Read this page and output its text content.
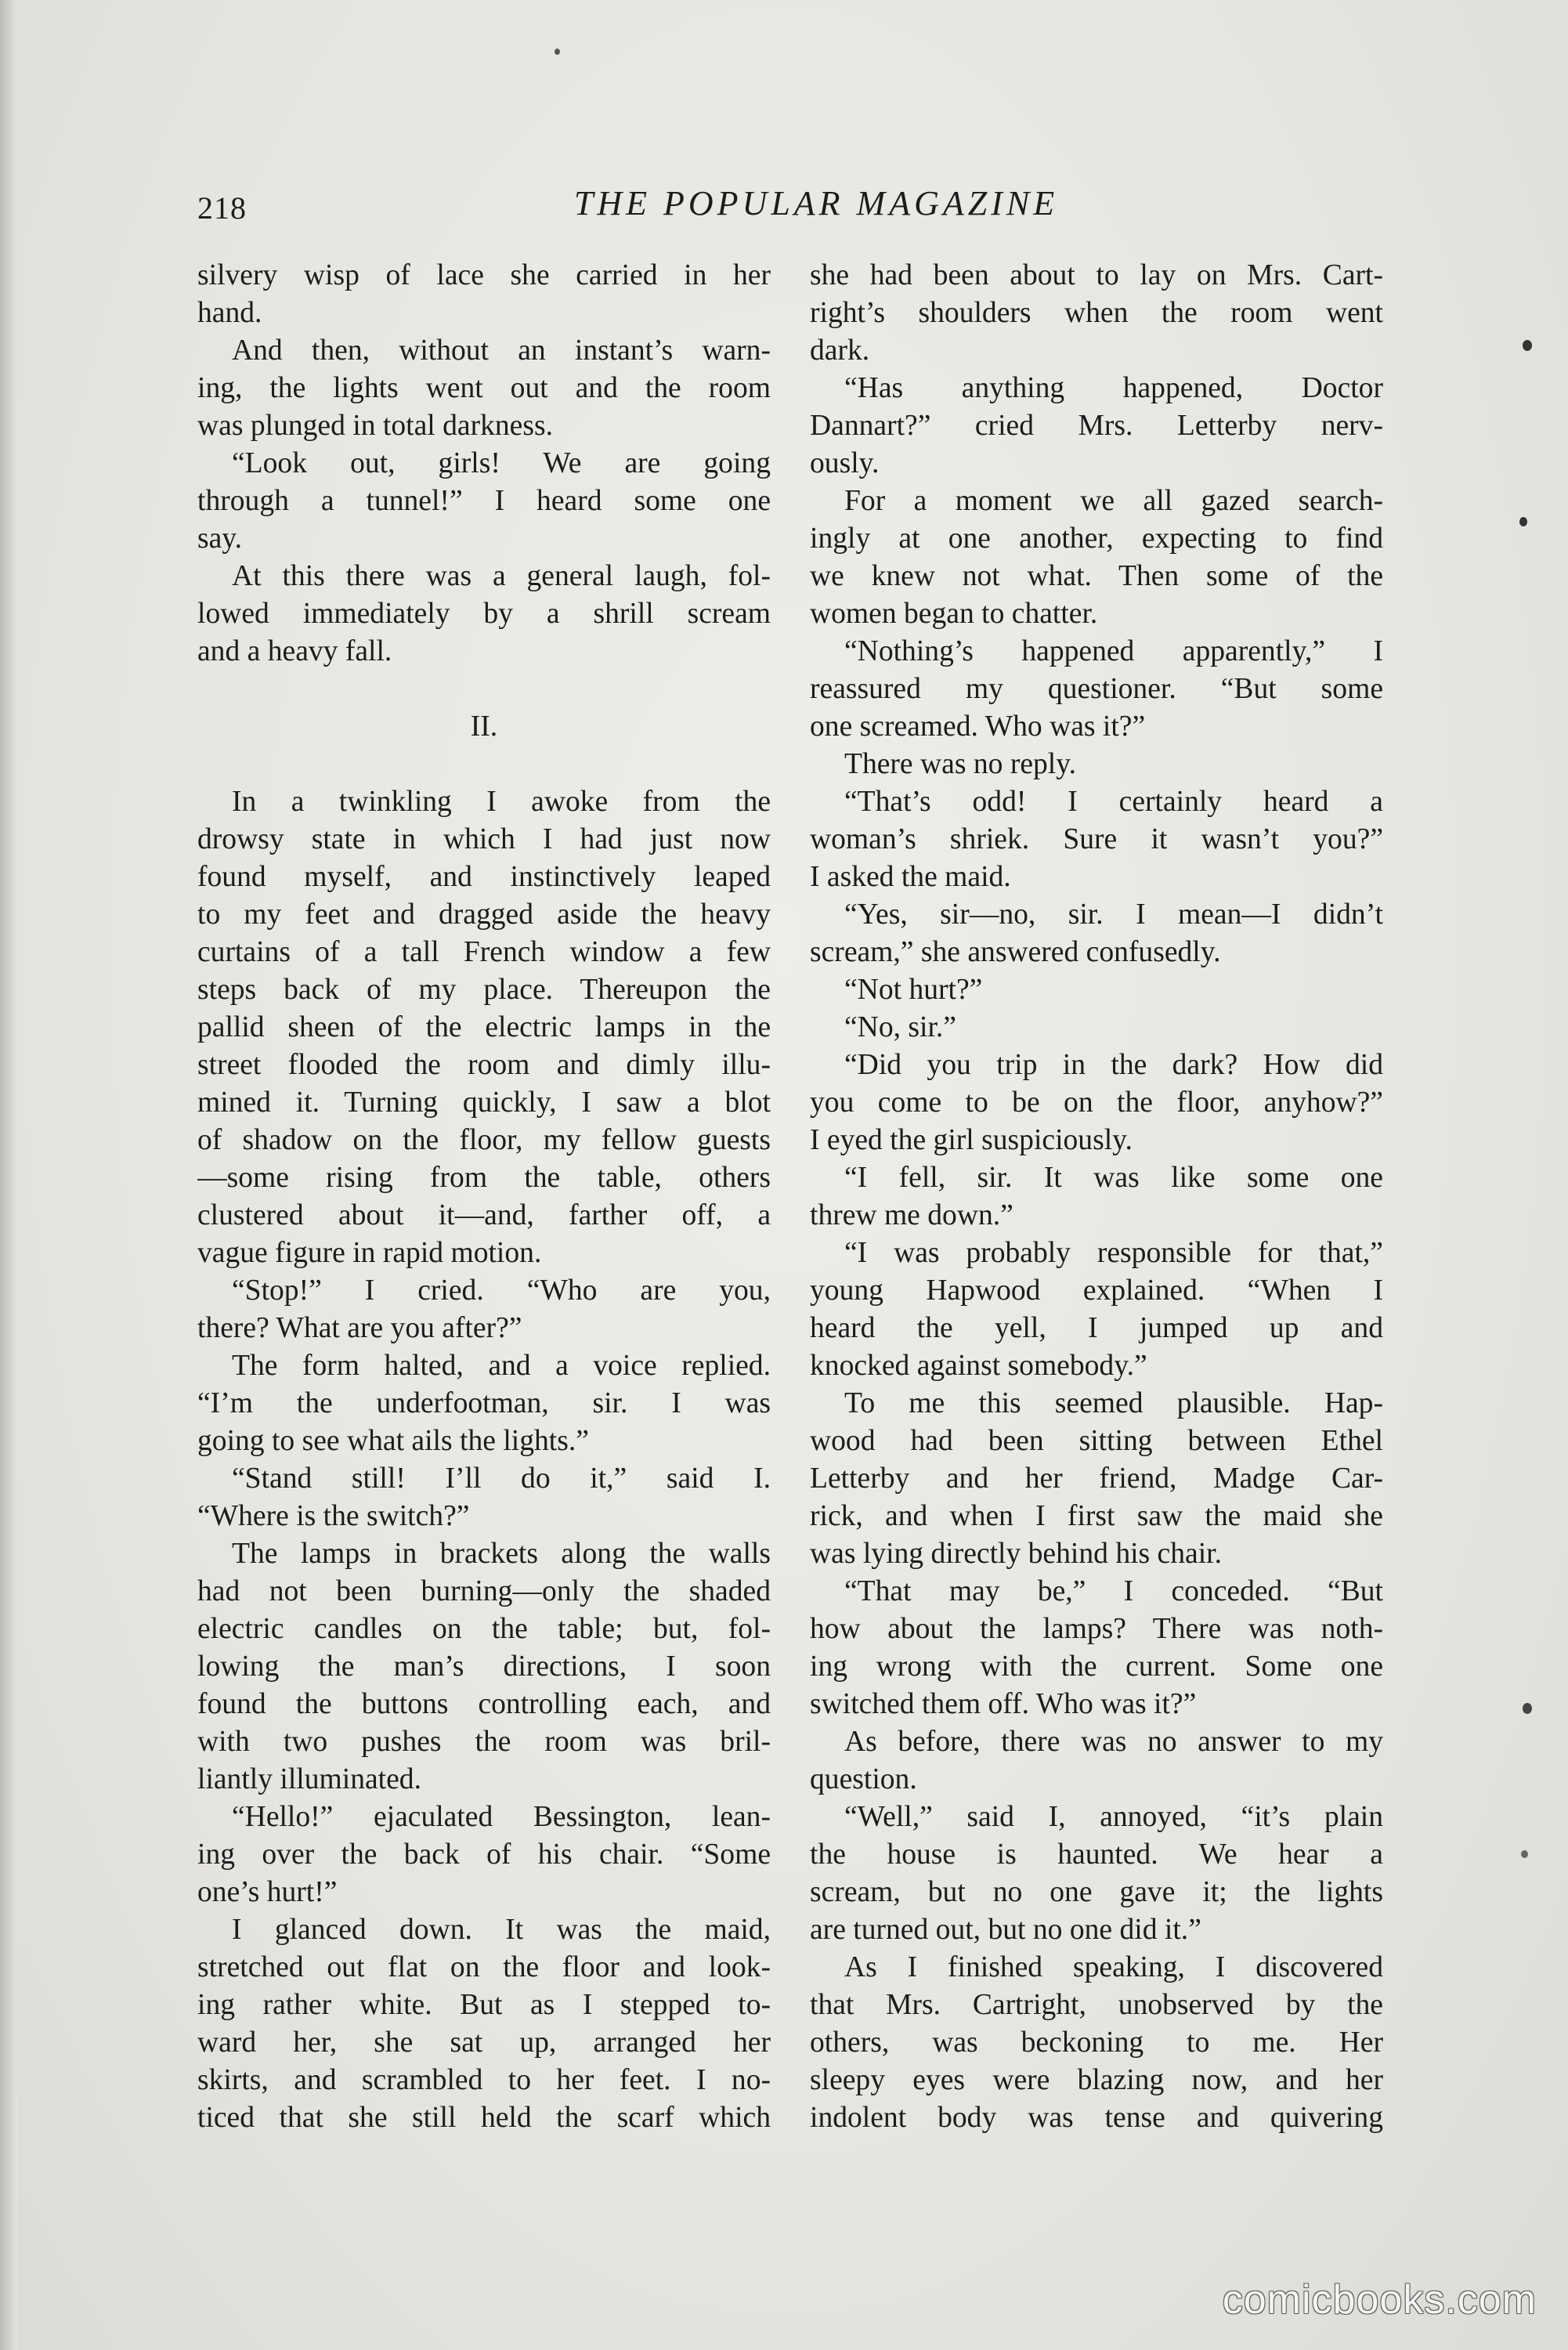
218	THE POPULAR MAGAZINE
silvery wisp of lace she carried in her
hand.
And then, without an instant’s warn-
ing, the lights went out and the room
was plunged in total darkness.
“Look out, girls! We are going
through a tunnel!” I heard some one
say.
At this there was a general laugh, fol-
lowed immediately by a shrill scream
and a heavy fall.
II.
In a twinkling I awoke from the
drowsy state in which I had just now
found myself, and instinctively leaped
to my feet and dragged aside the heavy
curtains of a tall French window a few
steps back of my place. Thereupon the
pallid sheen of the electric lamps in the
street flooded the room and dimly illu-
mined it. Turning quickly, I saw a blot
of shadow on the floor, my fellow guests
—some rising from the table, others
clustered about it—and, farther off, a
vague figure in rapid motion.
“Stop!” I cried. “Who are you,
there? What are you after?”
The form halted, and a voice replied.
“I’m the underfootman, sir. I was
going to see what ails the lights.”
“Stand still! I’ll do it,” said I.
“Where is the switch?”
The lamps in brackets along the walls
had not been burning—only the shaded
electric candles on the table; but, fol-
lowing the man’s directions, I soon
found the buttons controlling each, and
with two pushes the room was bril-
liantly illuminated.
“Hello!” ejaculated Bessington, lean-
ing over the back of his chair. “Some
one’s hurt!”
I glanced down. It was the maid,
stretched out flat on the floor and look-
ing rather white. But as I stepped to-
ward her, she sat up, arranged her
skirts, and scrambled to her feet. I no-
ticed that she still held the scarf which
she had been about to lay on Mrs. Cart-
right’s shoulders when the room went
dark.
“Has anything happened, Doctor
Dannart?” cried Mrs. Letterby nerv-
ously.
For a moment we all gazed search-
ingly at one another, expecting to find
we knew not what. Then some of the
women began to chatter.
“Nothing’s happened apparently,” I
reassured my questioner. “But some
one screamed. Who was it?”
There was no reply.
“That’s odd! I certainly heard a
woman’s shriek. Sure it wasn’t you?”
I asked the maid.
“Yes, sir—no, sir. I mean—I didn’t
scream,” she answered confusedly.
“Not hurt?”
“No, sir.”
“Did you trip in the dark? How did
you come to be on the floor, anyhow?”
I eyed the girl suspiciously.
“I fell, sir. It was like some one
threw me down.”
“I was probably responsible for that,”
young Hapwood explained. “When I
heard the yell, I jumped up and
knocked against somebody.”
To me this seemed plausible. Hap-
wood had been sitting between Ethel
Letterby and her friend, Madge Car-
rick, and when I first saw the maid she
was lying directly behind his chair.
“That may be,” I conceded. “But
how about the lamps? There was noth-
ing wrong with the current. Some one
switched them off. Who was it?”
As before, there was no answer to my
question.
“Well,” said I, annoyed, “it’s plain
the house is haunted. We hear a
scream, but no one gave it; the lights
are turned out, but no one did it.”
As I finished speaking, I discovered
that Mrs. Cartright, unobserved by the
others, was beckoning to me. Her
sleepy eyes were blazing now, and her
indolent body was tense and quivering
comicbooks.com
